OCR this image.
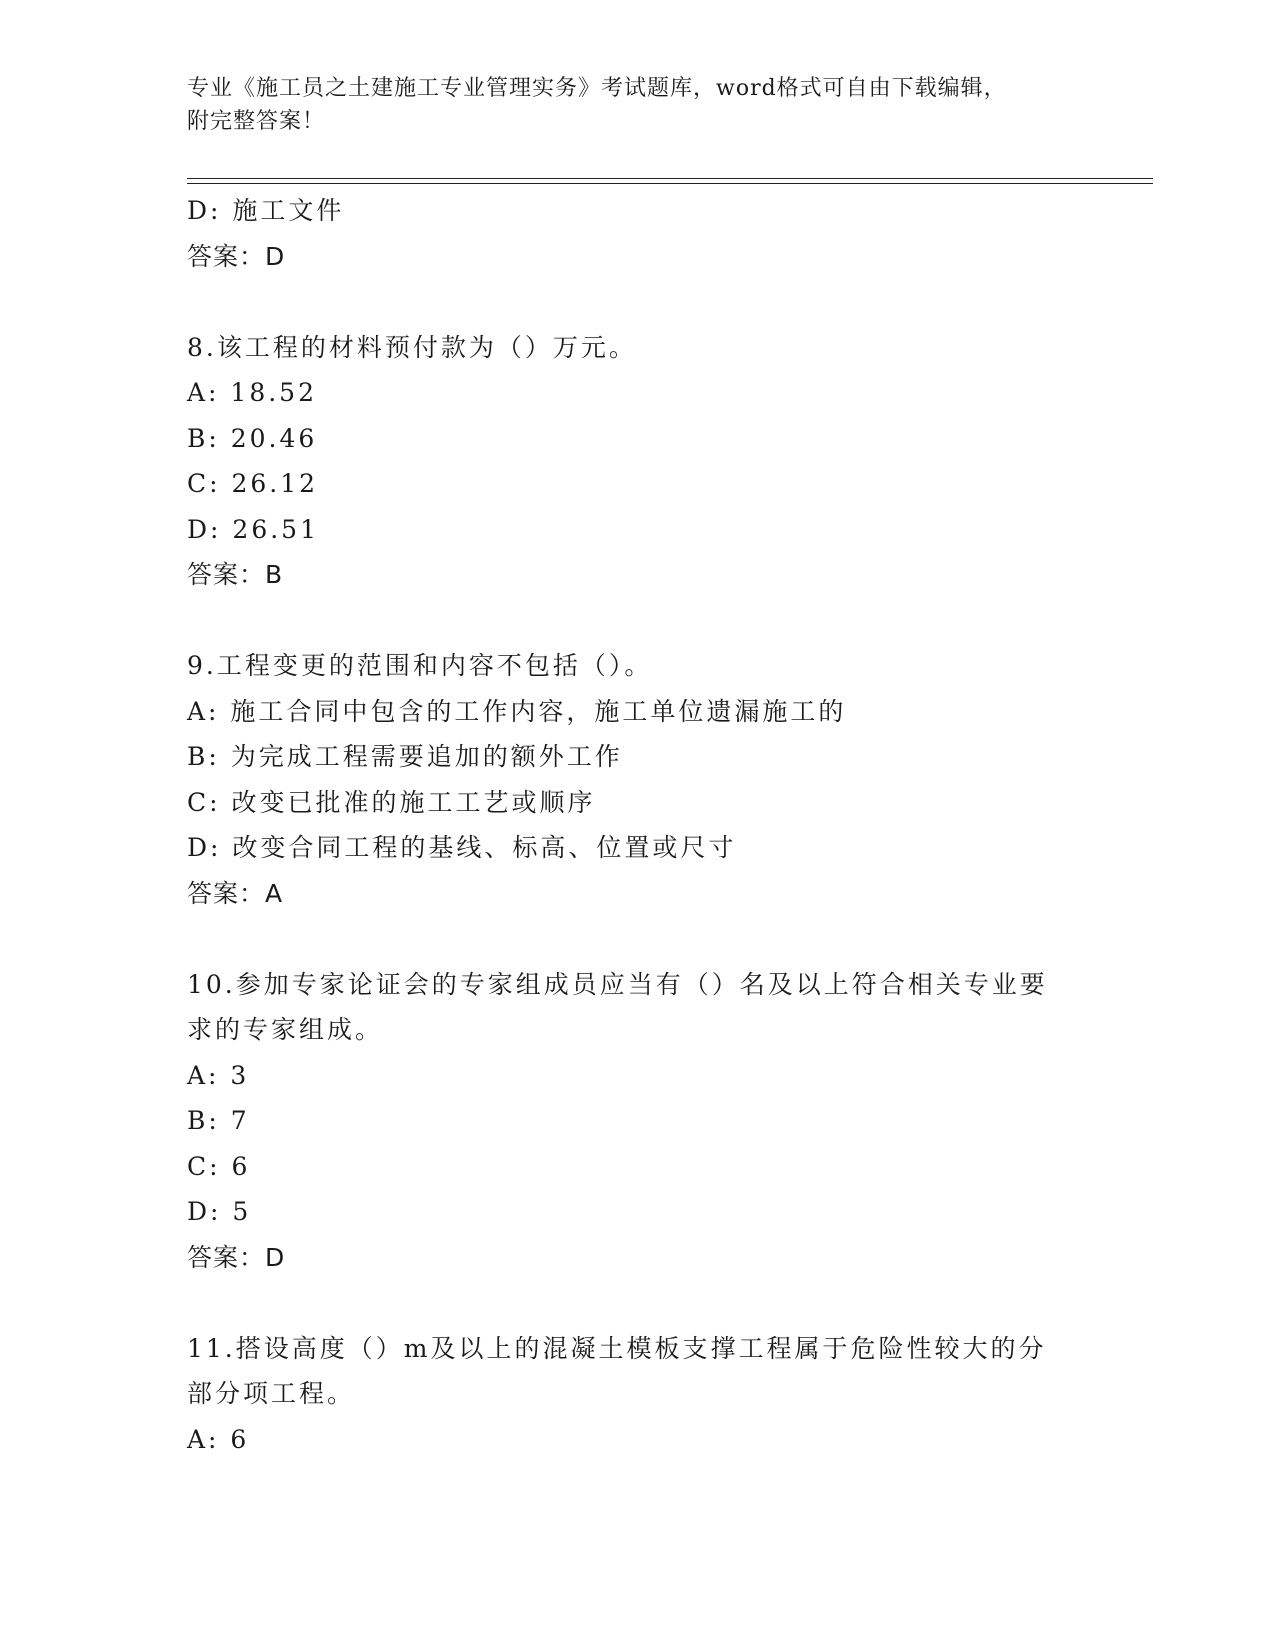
专业《施工员之土建施工专业管理实务》考试题库，word格式可自由下载编辑，
附完整答案！
D: 施工文件
答案：D
8.该工程的材料预付款为（）万元。
A: 18.52
B: 20.46
C: 26.12
D: 26.51
答案：B
9.工程变更的范围和内容不包括（）。
A: 施工合同中包含的工作内容，施工单位遗漏施工的
B: 为完成工程需要追加的额外工作
C: 改变已批准的施工工艺或顺序
D: 改变合同工程的基线、标高、位置或尺寸
答案：A
10.参加专家论证会的专家组成员应当有（）名及以上符合相关专业要
求的专家组成。
A: 3
B: 7
C: 6
D: 5
答案：D
11.搭设高度（）m及以上的混凝土模板支撑工程属于危险性较大的分
部分项工程。
A: 6
